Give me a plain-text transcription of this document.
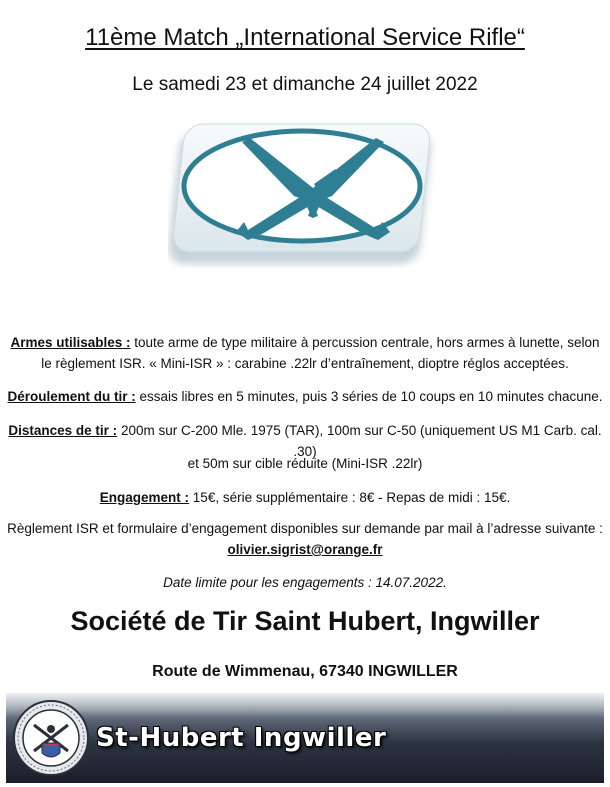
11ème Match „International Service Rifle“
Le samedi 23 et dimanche 24 juillet 2022
Armes utilisables : toute arme de type militaire à percussion centrale, hors armes à lunette, selon le règlement ISR. « Mini-ISR » : carabine .22lr d’entraînement, dioptre réglos acceptées.
Déroulement du tir : essais libres en 5 minutes, puis 3 séries de 10 coups en 10 minutes chacune.
Distances de tir : 200m sur C-200 Mle. 1975 (TAR), 100m sur C-50 (uniquement US M1 Carb. cal. .30)
et 50m sur cible réduite (Mini-ISR .22lr)
Engagement : 15€, série supplémentaire : 8€ - Repas de midi : 15€.
Règlement ISR et formulaire d’engagement disponibles sur demande par mail à l’adresse suivante :
olivier.sigrist@orange.fr
Date limite pour les engagements : 14.07.2022.
Société de Tir Saint Hubert, Ingwiller
Route de Wimmenau, 67340 INGWILLER
St-Hubert Ingwiller
